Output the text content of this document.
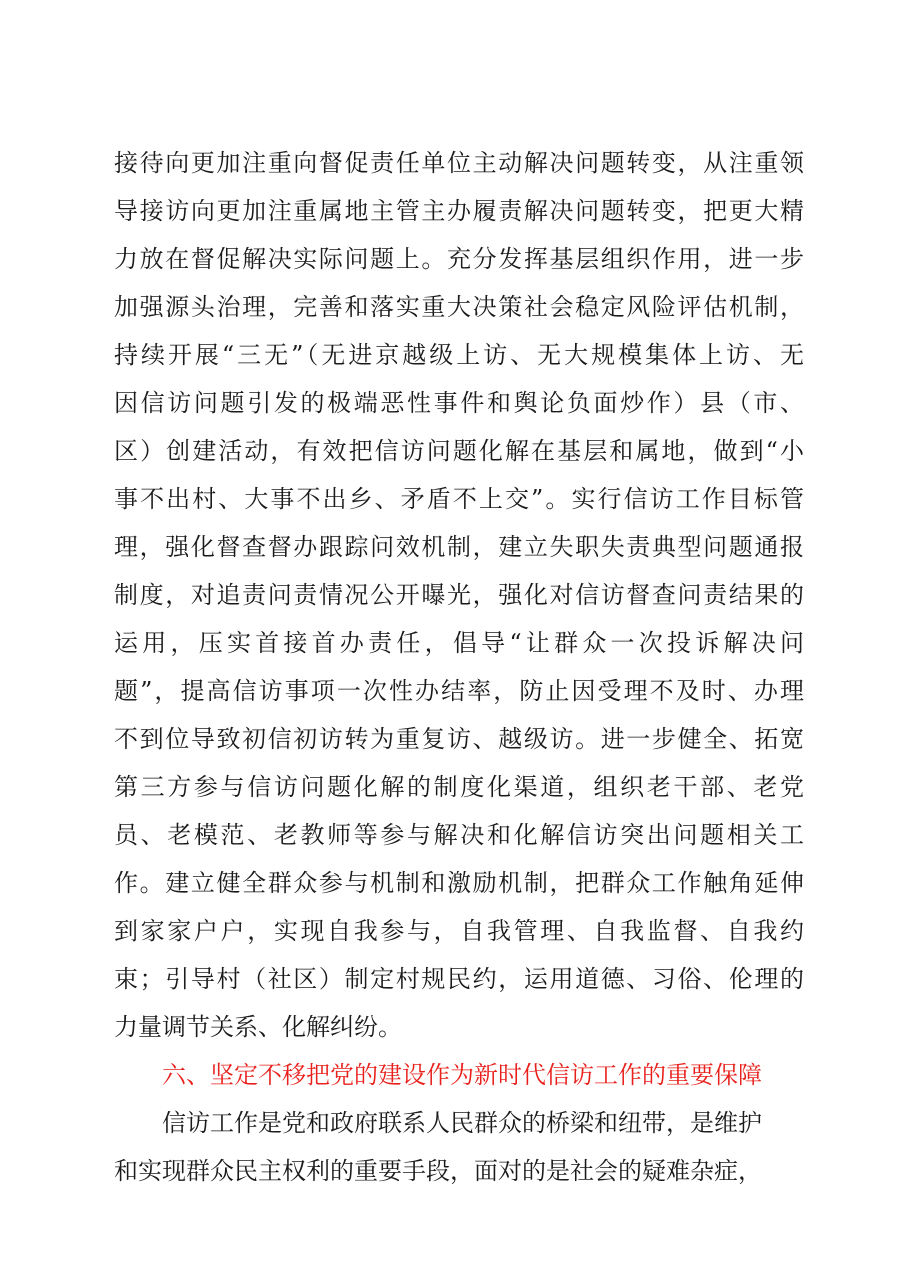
接待向更加注重向督促责任单位主动解决问题转变，从注重领
导接访向更加注重属地主管主办履责解决问题转变，把更大精
力放在督促解决实际问题上。充分发挥基层组织作用，进一步
加强源头治理，完善和落实重大决策社会稳定风险评估机制，
持续开展“三无”（无进京越级上访、无大规模集体上访、无
因信访问题引发的极端恶性事件和舆论负面炒作）县（市、
区）创建活动，有效把信访问题化解在基层和属地，做到“小
事不出村、大事不出乡、矛盾不上交”。实行信访工作目标管
理，强化督查督办跟踪问效机制，建立失职失责典型问题通报
制度，对追责问责情况公开曝光，强化对信访督查问责结果的
运用，压实首接首办责任，倡导“让群众一次投诉解决问
题”，提高信访事项一次性办结率，防止因受理不及时、办理
不到位导致初信初访转为重复访、越级访。进一步健全、拓宽
第三方参与信访问题化解的制度化渠道，组织老干部、老党
员、老模范、老教师等参与解决和化解信访突出问题相关工
作。建立健全群众参与机制和激励机制，把群众工作触角延伸
到家家户户，实现自我参与，自我管理、自我监督、自我约
束；引导村（社区）制定村规民约，运用道德、习俗、伦理的
力量调节关系、化解纠纷。
六、坚定不移把党的建设作为新时代信访工作的重要保障
信访工作是党和政府联系人民群众的桥梁和纽带，是维护
和实现群众民主权利的重要手段，面对的是社会的疑难杂症，
